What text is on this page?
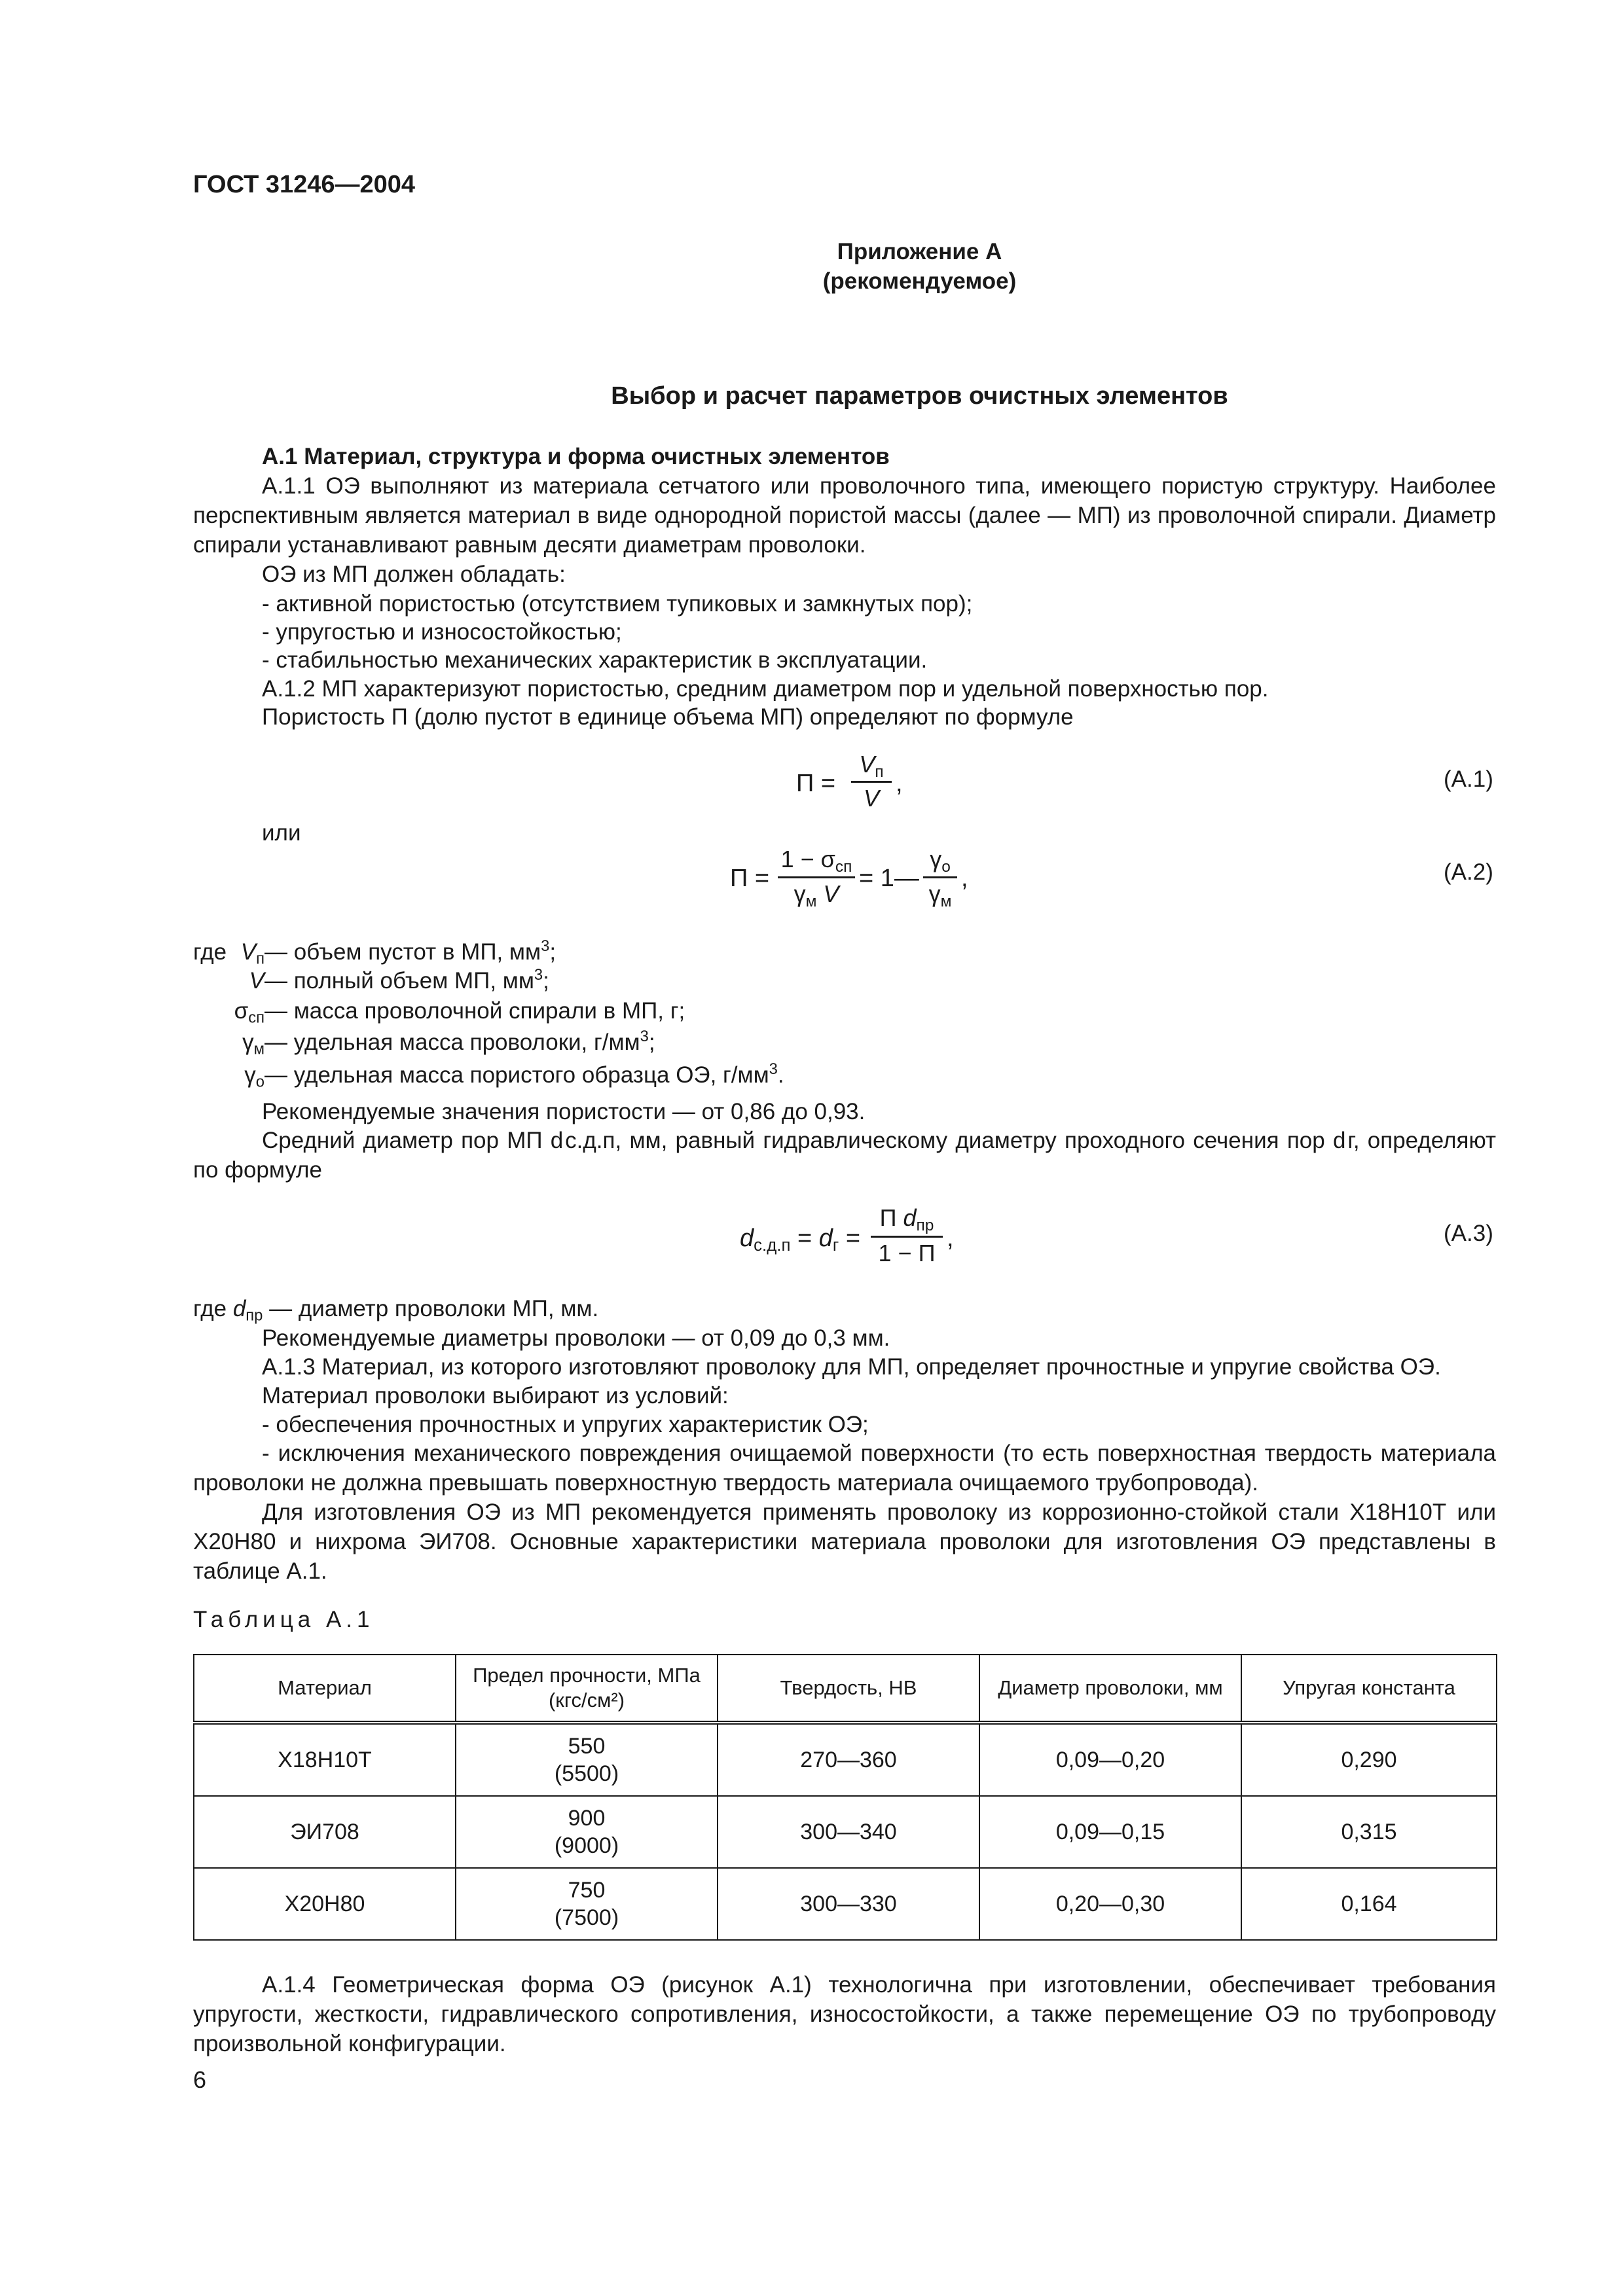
ГОСТ 31246—2004
Приложение А
(рекомендуемое)
Выбор и расчет параметров очистных элементов
А.1 Материал, структура и форма очистных элементов
А.1.1 ОЭ выполняют из материала сетчатого или проволочного типа, имеющего пористую структуру. Наиболее перспективным является материал в виде однородной пористой массы (далее — МП) из проволочной спирали. Диаметр спирали устанавливают равным десяти диаметрам проволоки.
ОЭ из МП должен обладать:
- активной пористостью (отсутствием тупиковых и замкнутых пор);
- упругостью и износостойкостью;
- стабильностью механических характеристик в эксплуатации.
А.1.2 МП характеризуют пористостью, средним диаметром пор и удельной поверхностью пор.
Пористость П (долю пустот в единице объема МП) определяют по формуле
П =
$V_п$
V
,	(А.1)
или
П =
$1 - \sigma_{сп}$
$\gamma_м$ V
= 1—
$\gamma_о$
$\gamma_м$
,	(А.2)
где $V_п$ — объем пустот в МП, $мм^3$;
V — полный объем МП, $мм^3$;
$\sigma_{сп}$ — масса проволочной спирали в МП, г;
$\gamma_м$ — удельная масса проволоки, $г/мм^3$;
$\gamma_о$ — удельная масса пористого образца ОЭ, $г/мм^3$.
Рекомендуемые значения пористости — от 0,86 до 0,93.
Средний диаметр пор МП d с.д.п, мм, равный гидравлическому диаметру проходного сечения пор d г, определяют по формуле
$d_{с.д.п} = d_г$ =
П $d_{пр}$
1 − П
,	(А.3)
где $d_{пр}$ — диаметр проволоки МП, мм.
Рекомендуемые диаметры проволоки — от 0,09 до 0,3 мм.
А.1.3 Материал, из которого изготовляют проволоку для МП, определяет прочностные и упругие свойства ОЭ.
Материал проволоки выбирают из условий:
- обеспечения прочностных и упругих характеристик ОЭ;
- исключения механического повреждения очищаемой поверхности (то есть поверхностная твердость материала проволоки не должна превышать поверхностную твердость материала очищаемого трубопровода).
Для изготовления ОЭ из МП рекомендуется применять проволоку из коррозионно-стойкой стали Х18Н10Т или Х20Н80 и нихрома ЭИ708. Основные характеристики материала проволоки для изготовления ОЭ представлены в таблице А.1.
Таблица А.1
Материал	Предел прочности, МПа (кгс/см²)	Твердость, НВ	Диаметр проволоки, мм	Упругая константа
Х18Н10Т	550
(5500)	270—360	0,09—0,20	0,290
ЭИ708	900
(9000)	300—340	0,09—0,15	0,315
Х20Н80	750
(7500)	300—330	0,20—0,30	0,164
А.1.4 Геометрическая форма ОЭ (рисунок А.1) технологична при изготовлении, обеспечивает требования упругости, жесткости, гидравлического сопротивления, износостойкости, а также перемещение ОЭ по трубопроводу произвольной конфигурации.
6
